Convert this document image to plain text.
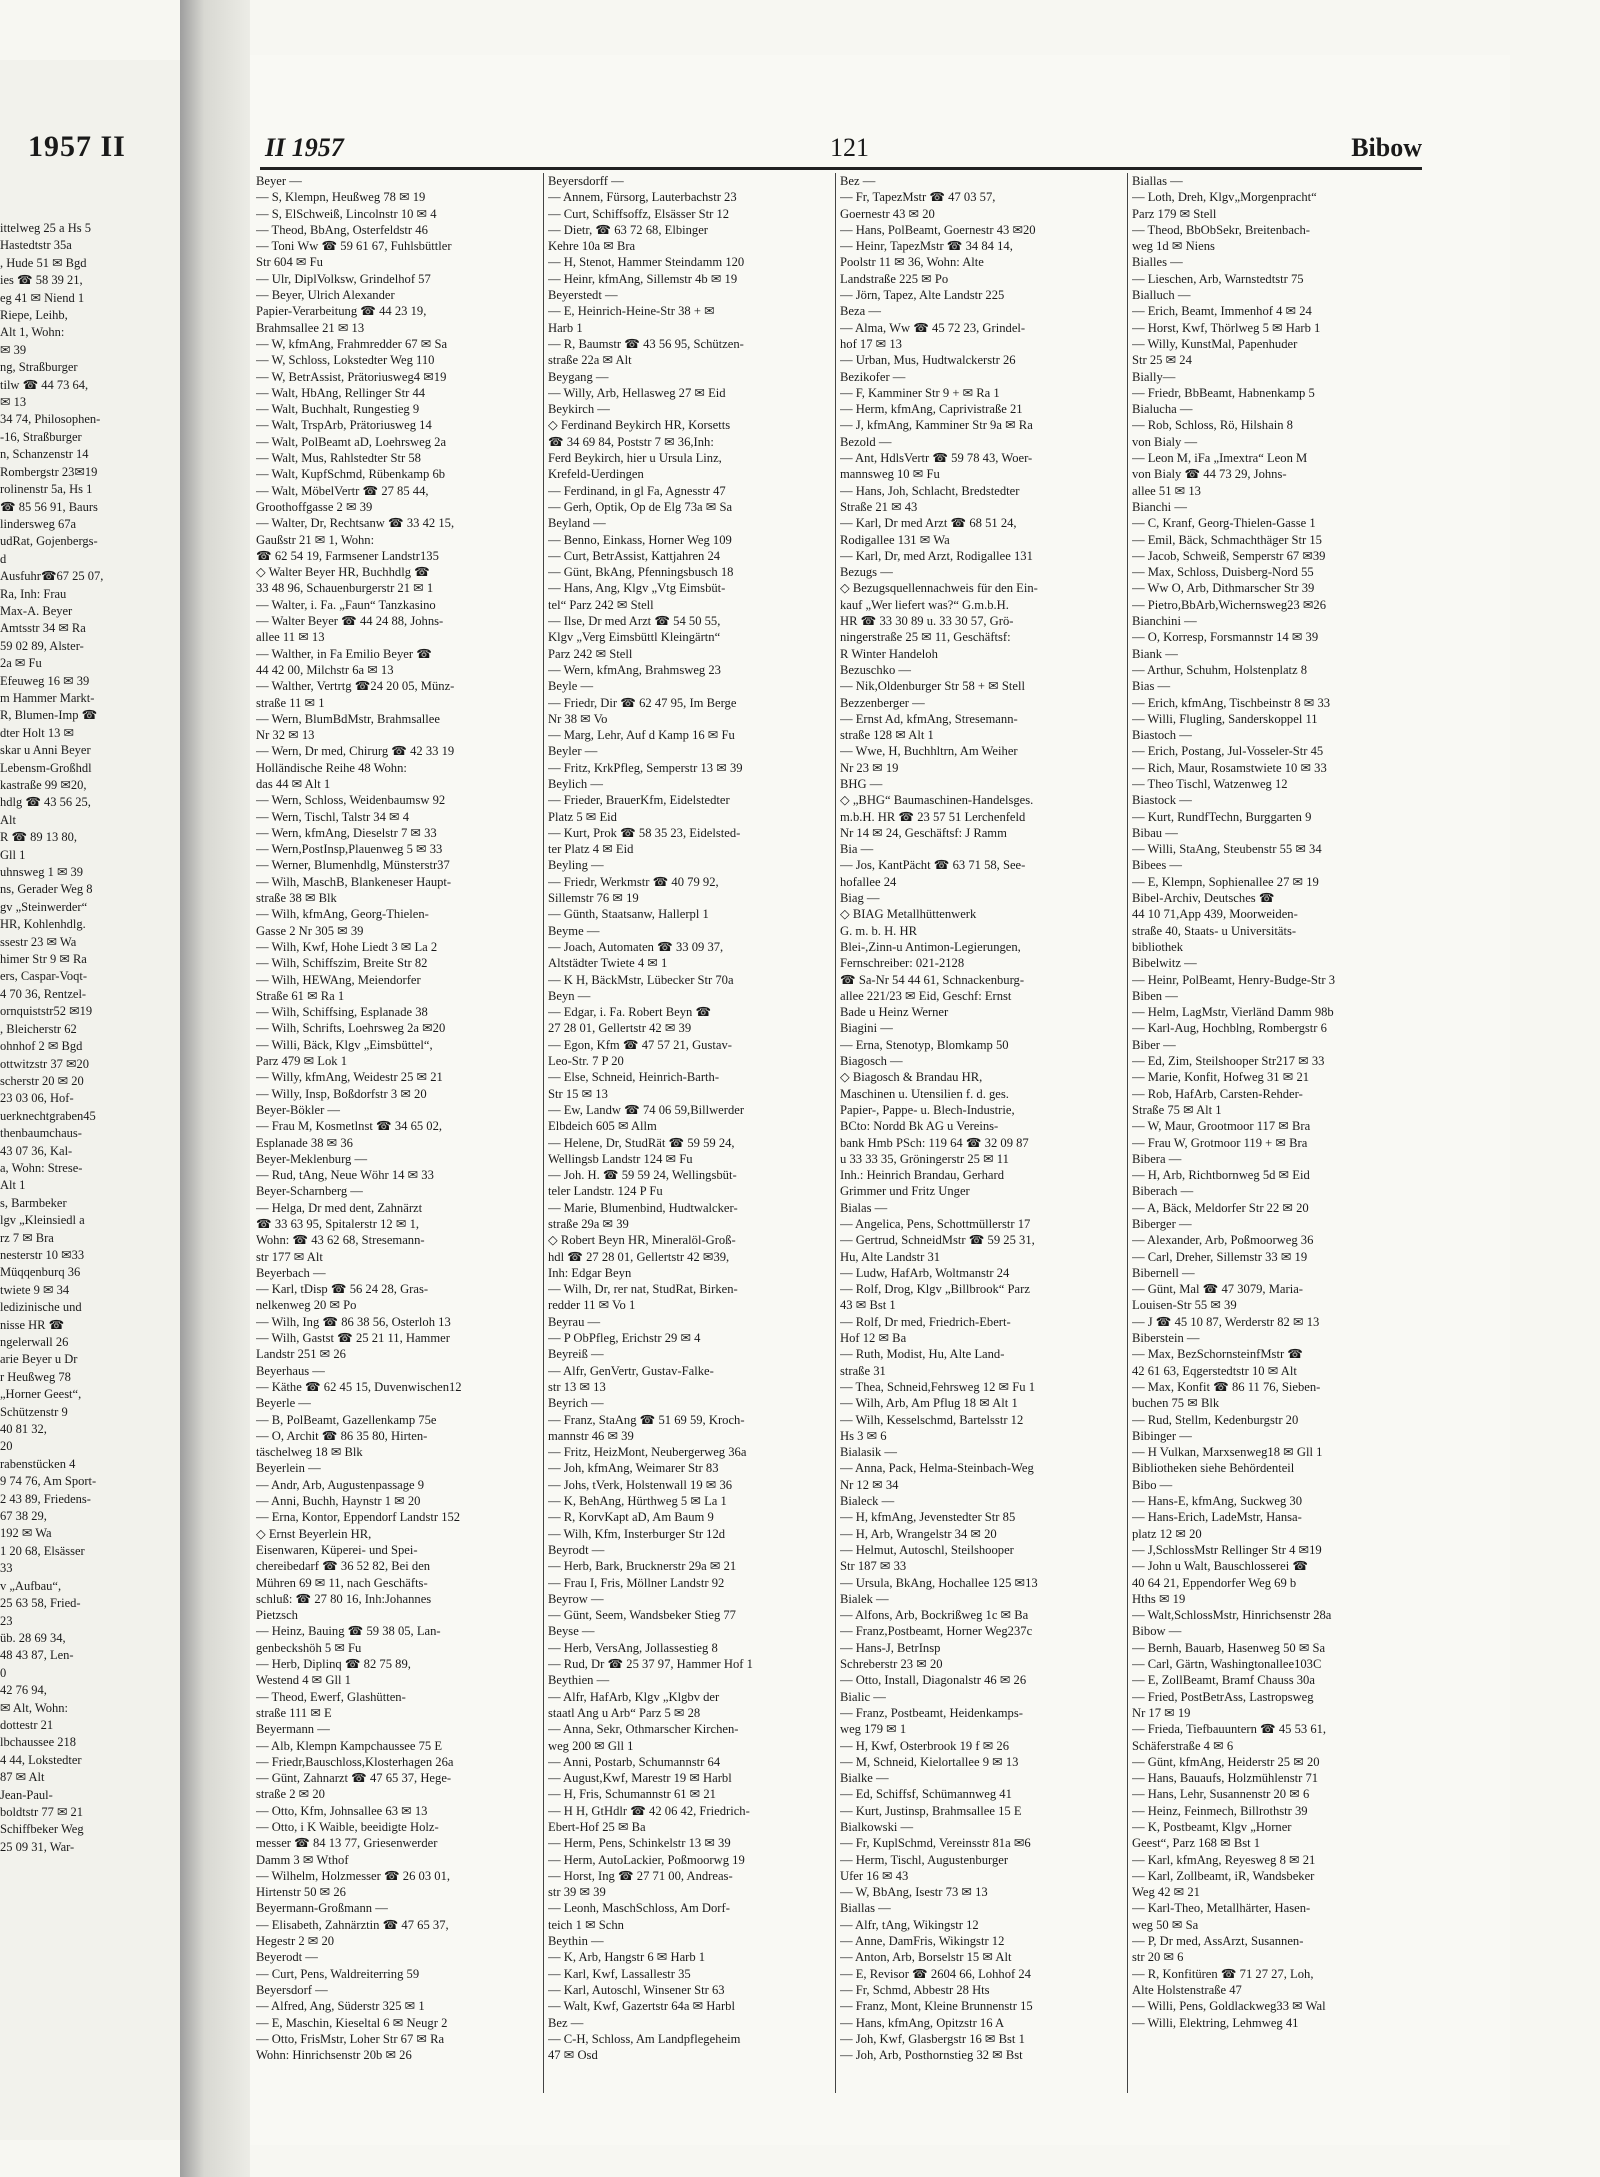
1957 II
ittelweg 25 a Hs 5
Hastedtstr 35a
, Hude 51 ✉ Bgd
ies ☎ 58 39 21,
eg 41 ✉ Niend 1
Riepe, Leihb,
Alt 1, Wohn:
✉ 39
ng, Straßburger
tilw ☎ 44 73 64,
✉ 13
34 74, Philosophen-
-16, Straßburger
n, Schanzenstr 14
Rombergstr 23✉19
rolinenstr 5a, Hs 1
☎ 85 56 91, Baurs
lindersweg 67a
udRat, Gojenbergs-
d
Ausfuhr☎67 25 07,
Ra, Inh: Frau
Max-A. Beyer
Amtsstr 34 ✉ Ra
59 02 89, Alster-
2a ✉ Fu
Efeuweg 16 ✉ 39
m Hammer Markt-
R, Blumen-Imp ☎
dter Holt 13 ✉
skar u Anni Beyer
Lebensm-Großhdl
kastraße 99 ✉20,
hdlg ☎ 43 56 25,
Alt
R ☎ 89 13 80,
Gll 1
uhnsweg 1 ✉ 39
ns, Gerader Weg 8
gv „Steinwerder“
HR, Kohlenhdlg.
ssestr 23 ✉ Wa
himer Str 9 ✉ Ra
ers, Caspar-Voqt-
4 70 36, Rentzel-
ornquiststr52 ✉19
, Bleicherstr 62
ohnhof 2 ✉ Bgd
ottwitzstr 37 ✉20
scherstr 20 ✉ 20
23 03 06, Hof-
uerknechtgraben45
thenbaumchaus-
43 07 36, Kal-
a, Wohn: Strese-
Alt 1
s, Barmbeker
lgv „Kleinsiedl a
rz 7 ✉ Bra
nesterstr 10 ✉33
Müqqenburq 36
twiete 9 ✉ 34
ledizinische und
nisse HR ☎
ngelerwall 26
arie Beyer u Dr
r Heußweg 78
„Horner Geest“,
Schützenstr 9
40 81 32,
20
rabenstücken 4
9 74 76, Am Sport-
2 43 89, Friedens-
67 38 29,
192 ✉ Wa
1 20 68, Elsässer
33
v „Aufbau“,
25 63 58, Fried-
23
üb. 28 69 34,
48 43 87, Len-
0
42 76 94,
✉ Alt, Wohn:
dottestr 21
lbchaussee 218
4 44, Lokstedter
87 ✉ Alt
Jean-Paul-
boldtstr 77 ✉ 21
Schiffbeker Weg
25 09 31, War-
II 1957	121	Bibow
Beyer —
— S, Klempn, Heußweg 78 ✉ 19
— S, ElSchweiß, Lincolnstr 10 ✉ 4
— Theod, BbAng, Osterfeldstr 46
— Toni Ww ☎ 59 61 67, Fuhlsbüttler
Str 604 ✉ Fu
— Ulr, DiplVolksw, Grindelhof 57
— Beyer, Ulrich Alexander
Papier-Verarbeitung ☎ 44 23 19,
Brahmsallee 21 ✉ 13
— W, kfmAng, Frahmredder 67 ✉ Sa
— W, Schloss, Lokstedter Weg 110
— W, BetrAssist, Prätoriusweg4 ✉19
— Walt, HbAng, Rellinger Str 44
— Walt, Buchhalt, Rungestieg 9
— Walt, TrspArb, Prätoriusweg 14
— Walt, PolBeamt aD, Loehrsweg 2a
— Walt, Mus, Rahlstedter Str 58
— Walt, KupfSchmd, Rübenkamp 6b
— Walt, MöbelVertr ☎ 27 85 44,
Groothoffgasse 2 ✉ 39
— Walter, Dr, Rechtsanw ☎ 33 42 15,
Gaußstr 21 ✉ 1, Wohn:
☎ 62 54 19, Farmsener Landstr135
◇ Walter Beyer HR, Buchhdlg ☎
33 48 96, Schauenburgerstr 21 ✉ 1
— Walter, i. Fa. „Faun“ Tanzkasino
— Walter Beyer ☎ 44 24 88, Johns-
allee 11 ✉ 13
— Walther, in Fa Emilio Beyer ☎
44 42 00, Milchstr 6a ✉ 13
— Walther, Vertrtg ☎24 20 05, Münz-
straße 11 ✉ 1
— Wern, BlumBdMstr, Brahmsallee
Nr 32 ✉ 13
— Wern, Dr med, Chirurg ☎ 42 33 19
Holländische Reihe 48 Wohn:
das 44 ✉ Alt 1
— Wern, Schloss, Weidenbaumsw 92
— Wern, Tischl, Talstr 34 ✉ 4
— Wern, kfmAng, Dieselstr 7 ✉ 33
— Wern,PostInsp,Plauenweg 5 ✉ 33
— Werner, Blumenhdlg, Münsterstr37
— Wilh, MaschB, Blankeneser Haupt-
straße 38 ✉ Blk
— Wilh, kfmAng, Georg-Thielen-
Gasse 2 Nr 305 ✉ 39
— Wilh, Kwf, Hohe Liedt 3 ✉ La 2
— Wilh, Schiffszim, Breite Str 82
— Wilh, HEWAng, Meiendorfer
Straße 61 ✉ Ra 1
— Wilh, Schiffsing, Esplanade 38
— Wilh, Schrifts, Loehrsweg 2a ✉20
— Willi, Bäck, Klgv „Eimsbüttel“,
Parz 479 ✉ Lok 1
— Willy, kfmAng, Weidestr 25 ✉ 21
— Willy, Insp, Boßdorfstr 3 ✉ 20
Beyer-Bökler —
— Frau M, Kosmetlnst ☎ 34 65 02,
Esplanade 38 ✉ 36
Beyer-Meklenburg —
— Rud, tAng, Neue Wöhr 14 ✉ 33
Beyer-Scharnberg —
— Helga, Dr med dent, Zahnärzt
☎ 33 63 95, Spitalerstr 12 ✉ 1,
Wohn: ☎ 43 62 68, Stresemann-
str 177 ✉ Alt
Beyerbach —
— Karl, tDisp ☎ 56 24 28, Gras-
nelkenweg 20 ✉ Po
— Wilh, Ing ☎ 86 38 56, Osterloh 13
— Wilh, Gastst ☎ 25 21 11, Hammer
Landstr 251 ✉ 26
Beyerhaus —
— Käthe ☎ 62 45 15, Duvenwischen12
Beyerle —
— B, PolBeamt, Gazellenkamp 75e
— O, Archit ☎ 86 35 80, Hirten-
täschelweg 18 ✉ Blk
Beyerlein —
— Andr, Arb, Augustenpassage 9
— Anni, Buchh, Haynstr 1 ✉ 20
— Erna, Kontor, Eppendorf Landstr 152
◇ Ernst Beyerlein HR,
Eisenwaren, Küperei- und Spei-
chereibedarf ☎ 36 52 82, Bei den
Mühren 69 ✉ 11, nach Geschäfts-
schluß: ☎ 27 80 16, Inh:Johannes
Pietzsch
— Heinz, Bauing ☎ 59 38 05, Lan-
genbeckshöh 5 ✉ Fu
— Herb, Diplinq ☎ 82 75 89,
Westend 4 ✉ Gll 1
— Theod, Ewerf, Glashütten-
straße 111 ✉ E
Beyermann —
— Alb, Klempn Kampchaussee 75 E
— Friedr,Bauschloss,Klosterhagen 26a
— Günt, Zahnarzt ☎ 47 65 37, Hege-
straße 2 ✉ 20
— Otto, Kfm, Johnsallee 63 ✉ 13
— Otto, i K Waible, beeidigte Holz-
messer ☎ 84 13 77, Griesenwerder
Damm 3 ✉ Wthof
— Wilhelm, Holzmesser ☎ 26 03 01,
Hirtenstr 50 ✉ 26
Beyermann-Großmann —
— Elisabeth, Zahnärztin ☎ 47 65 37,
Hegestr 2 ✉ 20
Beyerodt —
— Curt, Pens, Waldreiterring 59
Beyersdorf —
— Alfred, Ang, Süderstr 325 ✉ 1
— E, Maschin, Kieseltal 6 ✉ Neugr 2
— Otto, FrisMstr, Loher Str 67 ✉ Ra
Wohn: Hinrichsenstr 20b ✉ 26
Beyersdorff —
— Annem, Fürsorg, Lauterbachstr 23
— Curt, Schiffsoffz, Elsässer Str 12
— Dietr, ☎ 63 72 68, Elbinger
Kehre 10a ✉ Bra
— H, Stenot, Hammer Steindamm 120
— Heinr, kfmAng, Sillemstr 4b ✉ 19
Beyerstedt —
— E, Heinrich-Heine-Str 38 + ✉
Harb 1
— R, Baumstr ☎ 43 56 95, Schützen-
straße 22a ✉ Alt
Beygang —
— Willy, Arb, Hellasweg 27 ✉ Eid
Beykirch —
◇ Ferdinand Beykirch HR, Korsetts
☎ 34 69 84, Poststr 7 ✉ 36,Inh:
Ferd Beykirch, hier u Ursula Linz,
Krefeld-Uerdingen
— Ferdinand, in gl Fa, Agnesstr 47
— Gerh, Optik, Op de Elg 73a ✉ Sa
Beyland —
— Benno, Einkass, Horner Weg 109
— Curt, BetrAssist, Kattjahren 24
— Günt, BkAng, Pfenningsbusch 18
— Hans, Ang, Klgv „Vtg Eimsbüt-
tel“ Parz 242 ✉ Stell
— Ilse, Dr med Arzt ☎ 54 50 55,
Klgv „Verg Eimsbüttl Kleingärtn“
Parz 242 ✉ Stell
— Wern, kfmAng, Brahmsweg 23
Beyle —
— Friedr, Dir ☎ 62 47 95, Im Berge
Nr 38 ✉ Vo
— Marg, Lehr, Auf d Kamp 16 ✉ Fu
Beyler —
— Fritz, KrkPfleg, Semperstr 13 ✉ 39
Beylich —
— Frieder, BrauerKfm, Eidelstedter
Platz 5 ✉ Eid
— Kurt, Prok ☎ 58 35 23, Eidelsted-
ter Platz 4 ✉ Eid
Beyling —
— Friedr, Werkmstr ☎ 40 79 92,
Sillemstr 76 ✉ 19
— Günth, Staatsanw, Hallerpl 1
Beyme —
— Joach, Automaten ☎ 33 09 37,
Altstädter Twiete 4 ✉ 1
— K H, BäckMstr, Lübecker Str 70a
Beyn —
— Edgar, i. Fa. Robert Beyn ☎
27 28 01, Gellertstr 42 ✉ 39
— Egon, Kfm ☎ 47 57 21, Gustav-
Leo-Str. 7 P 20
— Else, Schneid, Heinrich-Barth-
Str 15 ✉ 13
— Ew, Landw ☎ 74 06 59,Billwerder
Elbdeich 605 ✉ Allm
— Helene, Dr, StudRät ☎ 59 59 24,
Wellingsb Landstr 124 ✉ Fu
— Joh. H. ☎ 59 59 24, Wellingsbüt-
teler Landstr. 124 P Fu
— Marie, Blumenbind, Hudtwalcker-
straße 29a ✉ 39
◇ Robert Beyn HR, Mineralöl-Groß-
hdl ☎ 27 28 01, Gellertstr 42 ✉39,
Inh: Edgar Beyn
— Wilh, Dr, rer nat, StudRat, Birken-
redder 11 ✉ Vo 1
Beyrau —
— P ObPfleg, Erichstr 29 ✉ 4
Beyreiß —
— Alfr, GenVertr, Gustav-Falke-
str 13 ✉ 13
Beyrich —
— Franz, StaAng ☎ 51 69 59, Kroch-
mannstr 46 ✉ 39
— Fritz, HeizMont, Neubergerweg 36a
— Joh, kfmAng, Weimarer Str 83
— Johs, tVerk, Holstenwall 19 ✉ 36
— K, BehAng, Hürthweg 5 ✉ La 1
— R, KorvKapt aD, Am Baum 9
— Wilh, Kfm, Insterburger Str 12d
Beyrodt —
— Herb, Bark, Brucknerstr 29a ✉ 21
— Frau I, Fris, Möllner Landstr 92
Beyrow —
— Günt, Seem, Wandsbeker Stieg 77
Beyse —
— Herb, VersAng, Jollassestieg 8
— Rud, Dr ☎ 25 37 97, Hammer Hof 1
Beythien —
— Alfr, HafArb, Klgv „Klgbv der
staatl Ang u Arb“ Parz 5 ✉ 28
— Anna, Sekr, Othmarscher Kirchen-
weg 200 ✉ Gll 1
— Anni, Postarb, Schumannstr 64
— August,Kwf, Marestr 19 ✉ Harbl
— H, Fris, Schumannstr 61 ✉ 21
— H H, GtHdlr ☎ 42 06 42, Friedrich-
Ebert-Hof 25 ✉ Ba
— Herm, Pens, Schinkelstr 13 ✉ 39
— Herm, AutoLackier, Poßmoorwg 19
— Horst, Ing ☎ 27 71 00, Andreas-
str 39 ✉ 39
— Leonh, MaschSchloss, Am Dorf-
teich 1 ✉ Schn
Beythin —
— K, Arb, Hangstr 6 ✉ Harb 1
— Karl, Kwf, Lassallestr 35
— Karl, Autoschl, Winsener Str 63
— Walt, Kwf, Gazertstr 64a ✉ Harbl
Bez —
— C-H, Schloss, Am Landpflegeheim
47 ✉ Osd
Bez —
— Fr, TapezMstr ☎ 47 03 57,
Goernestr 43 ✉ 20
— Hans, PolBeamt, Goernestr 43 ✉20
— Heinr, TapezMstr ☎ 34 84 14,
Poolstr 11 ✉ 36, Wohn: Alte
Landstraße 225 ✉ Po
— Jörn, Tapez, Alte Landstr 225
Beza —
— Alma, Ww ☎ 45 72 23, Grindel-
hof 17 ✉ 13
— Urban, Mus, Hudtwalckerstr 26
Bezikofer —
— F, Kamminer Str 9 + ✉ Ra 1
— Herm, kfmAng, Caprivistraße 21
— J, kfmAng, Kamminer Str 9a ✉ Ra
Bezold —
— Ant, HdlsVertr ☎ 59 78 43, Woer-
mannsweg 10 ✉ Fu
— Hans, Joh, Schlacht, Bredstedter
Straße 21 ✉ 43
— Karl, Dr med Arzt ☎ 68 51 24,
Rodigallee 131 ✉ Wa
— Karl, Dr, med Arzt, Rodigallee 131
Bezugs —
◇ Bezugsquellennachweis für den Ein-
kauf „Wer liefert was?“ G.m.b.H.
HR ☎ 33 30 89 u. 33 30 57, Grö-
ningerstraße 25 ✉ 11, Geschäftsf:
R Winter Handeloh
Bezuschko —
— Nik,Oldenburger Str 58 + ✉ Stell
Bezzenberger —
— Ernst Ad, kfmAng, Stresemann-
straße 128 ✉ Alt 1
— Wwe, H, Buchhltrn, Am Weiher
Nr 23 ✉ 19
BHG —
◇ „BHG“ Baumaschinen-Handelsges.
m.b.H. HR ☎ 23 57 51 Lerchenfeld
Nr 14 ✉ 24, Geschäftsf: J Ramm
Bia —
— Jos, KantPächt ☎ 63 71 58, See-
hofallee 24
Biag —
◇ BIAG Metallhüttenwerk
G. m. b. H. HR
Blei-,Zinn-u Antimon-Legierungen,
Fernschreiber: 021-2128
☎ Sa-Nr 54 44 61, Schnackenburg-
allee 221/23 ✉ Eid, Geschf: Ernst
Bade u Heinz Werner
Biagini —
— Erna, Stenotyp, Blomkamp 50
Biagosch —
◇ Biagosch & Brandau HR,
Maschinen u. Utensilien f. d. ges.
Papier-, Pappe- u. Blech-Industrie,
BCto: Nordd Bk AG u Vereins-
bank Hmb PSch: 119 64 ☎ 32 09 87
u 33 33 35, Gröningerstr 25 ✉ 11
Inh.: Heinrich Brandau, Gerhard
Grimmer und Fritz Unger
Bialas —
— Angelica, Pens, Schottmüllerstr 17
— Gertrud, SchneidMstr ☎ 59 25 31,
Hu, Alte Landstr 31
— Ludw, HafArb, Woltmanstr 24
— Rolf, Drog, Klgv „Billbrook“ Parz
43 ✉ Bst 1
— Rolf, Dr med, Friedrich-Ebert-
Hof 12 ✉ Ba
— Ruth, Modist, Hu, Alte Land-
straße 31
— Thea, Schneid,Fehrsweg 12 ✉ Fu 1
— Wilh, Arb, Am Pflug 18 ✉ Alt 1
— Wilh, Kesselschmd, Bartelsstr 12
Hs 3 ✉ 6
Bialasik —
— Anna, Pack, Helma-Steinbach-Weg
Nr 12 ✉ 34
Bialeck —
— H, kfmAng, Jevenstedter Str 85
— H, Arb, Wrangelstr 34 ✉ 20
— Helmut, Autoschl, Steilshooper
Str 187 ✉ 33
— Ursula, BkAng, Hochallee 125 ✉13
Bialek —
— Alfons, Arb, Bockrißweg 1c ✉ Ba
— Franz,Postbeamt, Horner Weg237c
— Hans-J, BetrInsp
Schreberstr 23 ✉ 20
— Otto, Install, Diagonalstr 46 ✉ 26
Bialic —
— Franz, Postbeamt, Heidenkamps-
weg 179 ✉ 1
— H, Kwf, Osterbrook 19 f ✉ 26
— M, Schneid, Kielortallee 9 ✉ 13
Bialke —
— Ed, Schiffsf, Schümannweg 41
— Kurt, Justinsp, Brahmsallee 15 E
Bialkowski —
— Fr, KuplSchmd, Vereinsstr 81a ✉6
— Herm, Tischl, Augustenburger
Ufer 16 ✉ 43
— W, BbAng, Isestr 73 ✉ 13
Biallas —
— Alfr, tAng, Wikingstr 12
— Anne, DamFris, Wikingstr 12
— Anton, Arb, Borselstr 15 ✉ Alt
— E, Revisor ☎ 2604 66, Lohhof 24
— Fr, Schmd, Abbestr 28 Hts
— Franz, Mont, Kleine Brunnenstr 15
— Hans, kfmAng, Opitzstr 16 A
— Joh, Kwf, Glasbergstr 16 ✉ Bst 1
— Joh, Arb, Posthornstieg 32 ✉ Bst
Biallas —
— Loth, Dreh, Klgv„Morgenpracht“
Parz 179 ✉ Stell
— Theod, BbObSekr, Breitenbach-
weg 1d ✉ Niens
Bialles —
— Lieschen, Arb, Warnstedtstr 75
Bialluch —
— Erich, Beamt, Immenhof 4 ✉ 24
— Horst, Kwf, Thörlweg 5 ✉ Harb 1
— Willy, KunstMal, Papenhuder
Str 25 ✉ 24
Bially—
— Friedr, BbBeamt, Habnenkamp 5
Bialucha —
— Rob, Schloss, Rö, Hilshain 8
von Bialy —
— Leon M, iFa „Imextra“ Leon M
von Bialy ☎ 44 73 29, Johns-
allee 51 ✉ 13
Bianchi —
— C, Kranf, Georg-Thielen-Gasse 1
— Emil, Bäck, Schmachthäger Str 15
— Jacob, Schweiß, Semperstr 67 ✉39
— Max, Schloss, Duisberg-Nord 55
— Ww O, Arb, Dithmarscher Str 39
— Pietro,BbArb,Wichernsweg23 ✉26
Bianchini —
— O, Korresp, Forsmannstr 14 ✉ 39
Biank —
— Arthur, Schuhm, Holstenplatz 8
Bias —
— Erich, kfmAng, Tischbeinstr 8 ✉ 33
— Willi, Flugling, Sanderskoppel 11
Biastoch —
— Erich, Postang, Jul-Vosseler-Str 45
— Rich, Maur, Rosamstwiete 10 ✉ 33
— Theo Tischl, Watzenweg 12
Biastock —
— Kurt, RundfTechn, Burggarten 9
Bibau —
— Willi, StaAng, Steubenstr 55 ✉ 34
Bibees —
— E, Klempn, Sophienallee 27 ✉ 19
Bibel-Archiv, Deutsches ☎
44 10 71,App 439, Moorweiden-
straße 40, Staats- u Universitäts-
bibliothek
Bibelwitz —
— Heinr, PolBeamt, Henry-Budge-Str 3
Biben —
— Helm, LagMstr, Vierländ Damm 98b
— Karl-Aug, Hochblng, Rombergstr 6
Biber —
— Ed, Zim, Steilshooper Str217 ✉ 33
— Marie, Konfit, Hofweg 31 ✉ 21
— Rob, HafArb, Carsten-Rehder-
Straße 75 ✉ Alt 1
— W, Maur, Grootmoor 117 ✉ Bra
— Frau W, Grotmoor 119 + ✉ Bra
Bibera —
— H, Arb, Richtbornweg 5d ✉ Eid
Biberach —
— A, Bäck, Meldorfer Str 22 ✉ 20
Biberger —
— Alexander, Arb, Poßmoorweg 36
— Carl, Dreher, Sillemstr 33 ✉ 19
Bibernell —
— Günt, Mal ☎ 47 3079, Maria-
Louisen-Str 55 ✉ 39
— J ☎ 45 10 87, Werderstr 82 ✉ 13
Biberstein —
— Max, BezSchornsteinfMstr ☎
42 61 63, Eqgerstedtstr 10 ✉ Alt
— Max, Konfit ☎ 86 11 76, Sieben-
buchen 75 ✉ Blk
— Rud, Stellm, Kedenburgstr 20
Bibinger —
— H Vulkan, Marxsenweg18 ✉ Gll 1
Bibliotheken siehe Behördenteil
Bibo —
— Hans-E, kfmAng, Suckweg 30
— Hans-Erich, LadeMstr, Hansa-
platz 12 ✉ 20
— J,SchlossMstr Rellinger Str 4 ✉19
— John u Walt, Bauschlosserei ☎
40 64 21, Eppendorfer Weg 69 b
Hths ✉ 19
— Walt,SchlossMstr, Hinrichsenstr 28a
Bibow —
— Bernh, Bauarb, Hasenweg 50 ✉ Sa
— Carl, Gärtn, Washingtonallee103C
— E, ZollBeamt, Bramf Chauss 30a
— Fried, PostBetrAss, Lastropsweg
Nr 17 ✉ 19
— Frieda, Tiefbauuntern ☎ 45 53 61,
Schäferstraße 4 ✉ 6
— Günt, kfmAng, Heiderstr 25 ✉ 20
— Hans, Bauaufs, Holzmühlenstr 71
— Hans, Lehr, Susannenstr 20 ✉ 6
— Heinz, Feinmech, Billrothstr 39
— K, Postbeamt, Klgv „Horner
Geest“, Parz 168 ✉ Bst 1
— Karl, kfmAng, Reyesweg 8 ✉ 21
— Karl, Zollbeamt, iR, Wandsbeker
Weg 42 ✉ 21
— Karl-Theo, Metallhärter, Hasen-
weg 50 ✉ Sa
— P, Dr med, AssArzt, Susannen-
str 20 ✉ 6
— R, Konfitüren ☎ 71 27 27, Loh,
Alte Holstenstraße 47
— Willi, Pens, Goldlackweg33 ✉ Wal
— Willi, Elektring, Lehmweg 41
